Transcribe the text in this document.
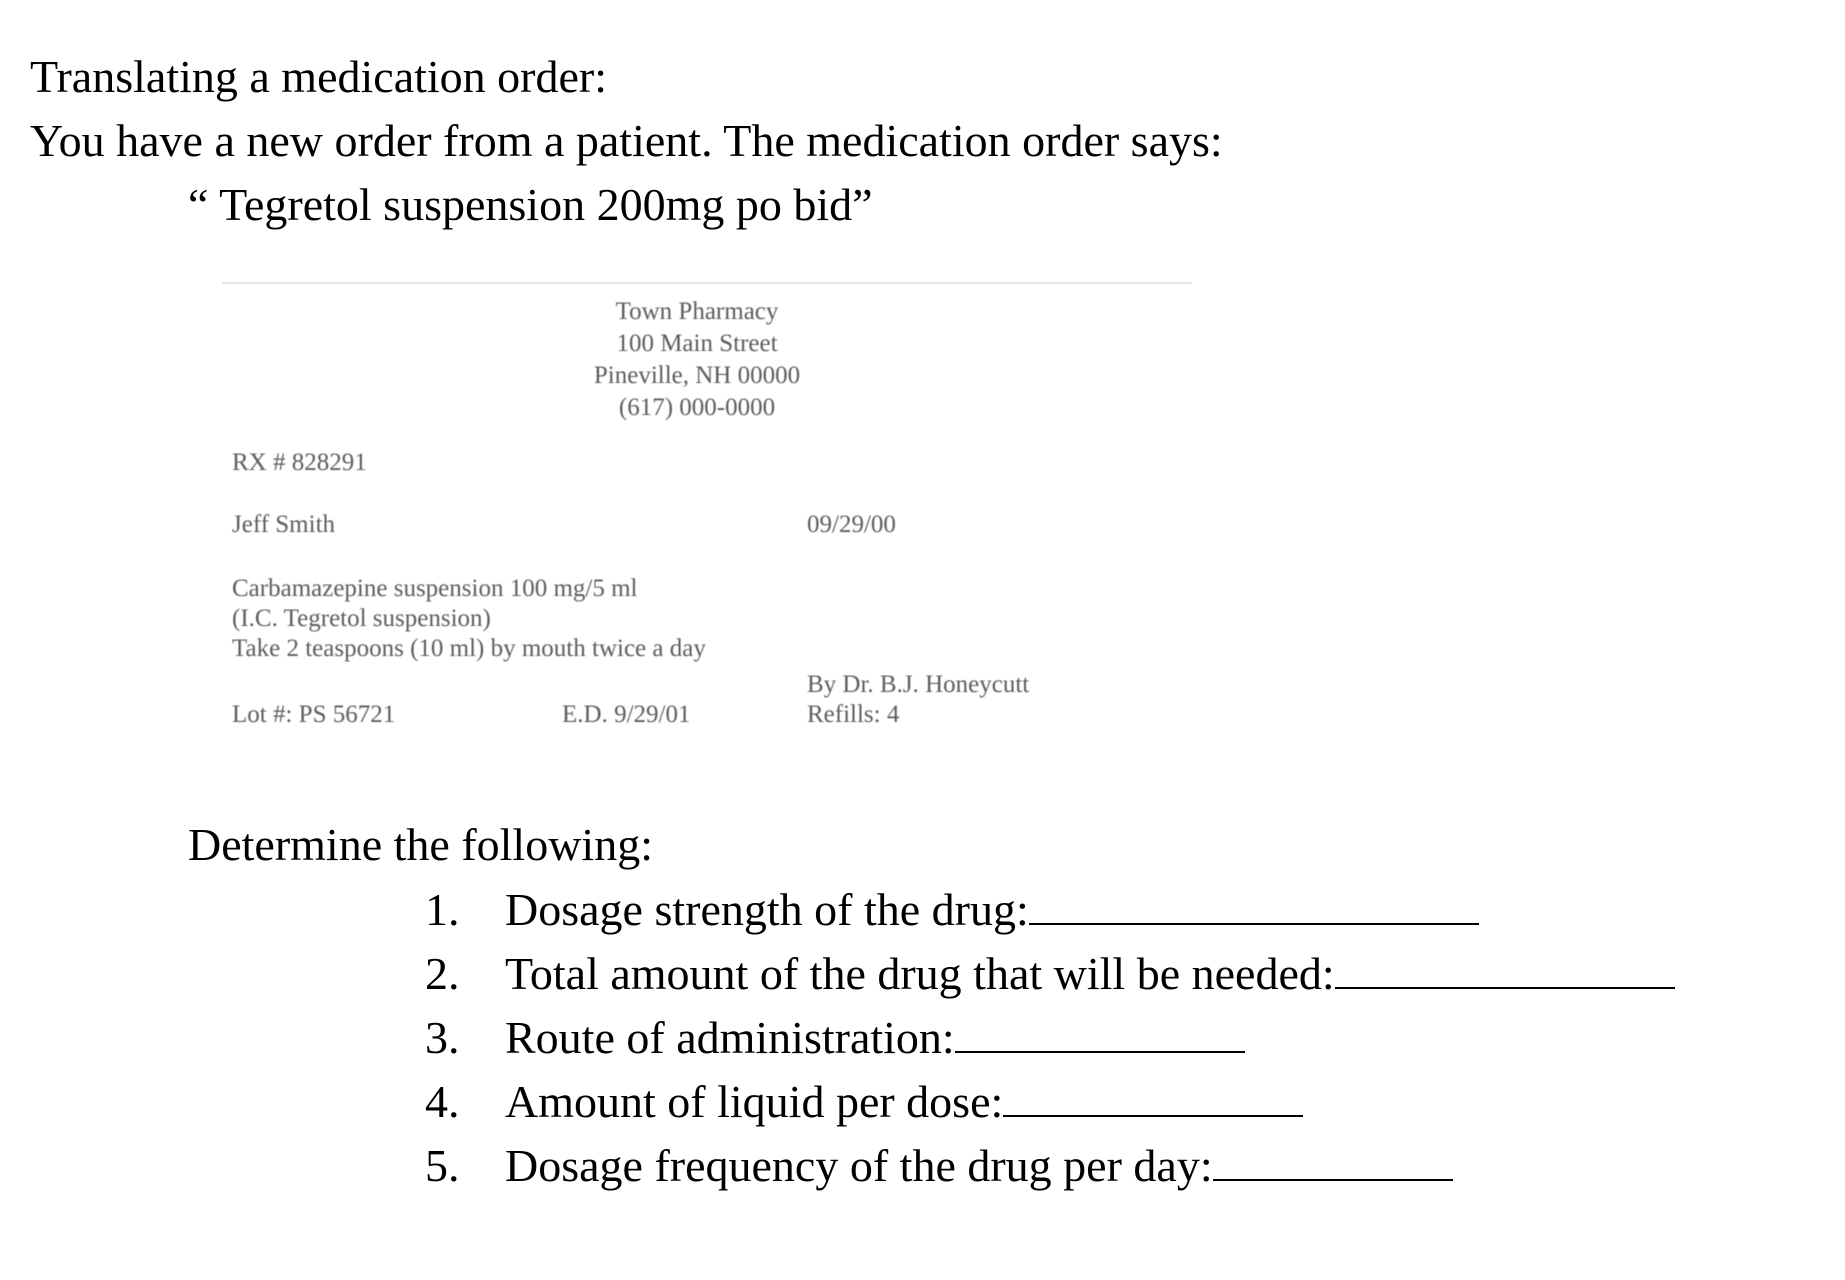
Translating a medication order:
You have a new order from a patient. The medication order says:
“ Tegretol suspension 200mg po bid”
Town Pharmacy
100 Main Street
Pineville, NH 00000
(617) 000-0000
RX # 828291
Jeff Smith	09/29/00
Carbamazepine suspension 100 mg/5 ml
(I.C. Tegretol suspension)
Take 2 teaspoons (10 ml) by mouth twice a day
By Dr. B.J. Honeycutt
Lot #: PS 56721	E.D. 9/29/01	Refills: 4
Determine the following:
1. Dosage strength of the drug:
2. Total amount of the drug that will be needed:
3. Route of administration:
4. Amount of liquid per dose:
5. Dosage frequency of the drug per day:
